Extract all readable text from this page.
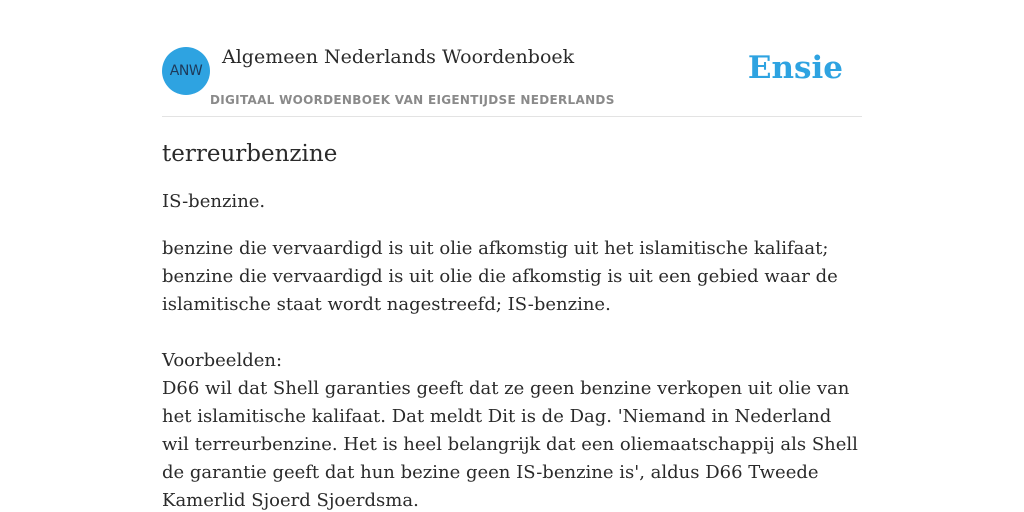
ANW
Algemeen Nederlands Woordenboek
DIGITAAL WOORDENBOEK VAN EIGENTIJDSE NEDERLANDS
Ensie
terreurbenzine

IS-benzine.

benzine die vervaardigd is uit olie afkomstig uit het islamitische kalifaat;
benzine die vervaardigd is uit olie die afkomstig is uit een gebied waar de islamitische staat wordt nagestreefd; IS-benzine.

Voorbeelden:

D66 wil dat Shell garanties geeft dat ze geen benzine verkopen uit olie van het islamitische kalifaat. Dat meldt Dit is de Dag. 'Niemand in Nederland wil terreurbenzine. Het is heel belangrijk dat een oliemaatschappij als Shell de garantie geeft dat hun bezine geen IS-benzine is', aldus D66 Tweede Kamerlid Sjoerd Sjoerdsma.
